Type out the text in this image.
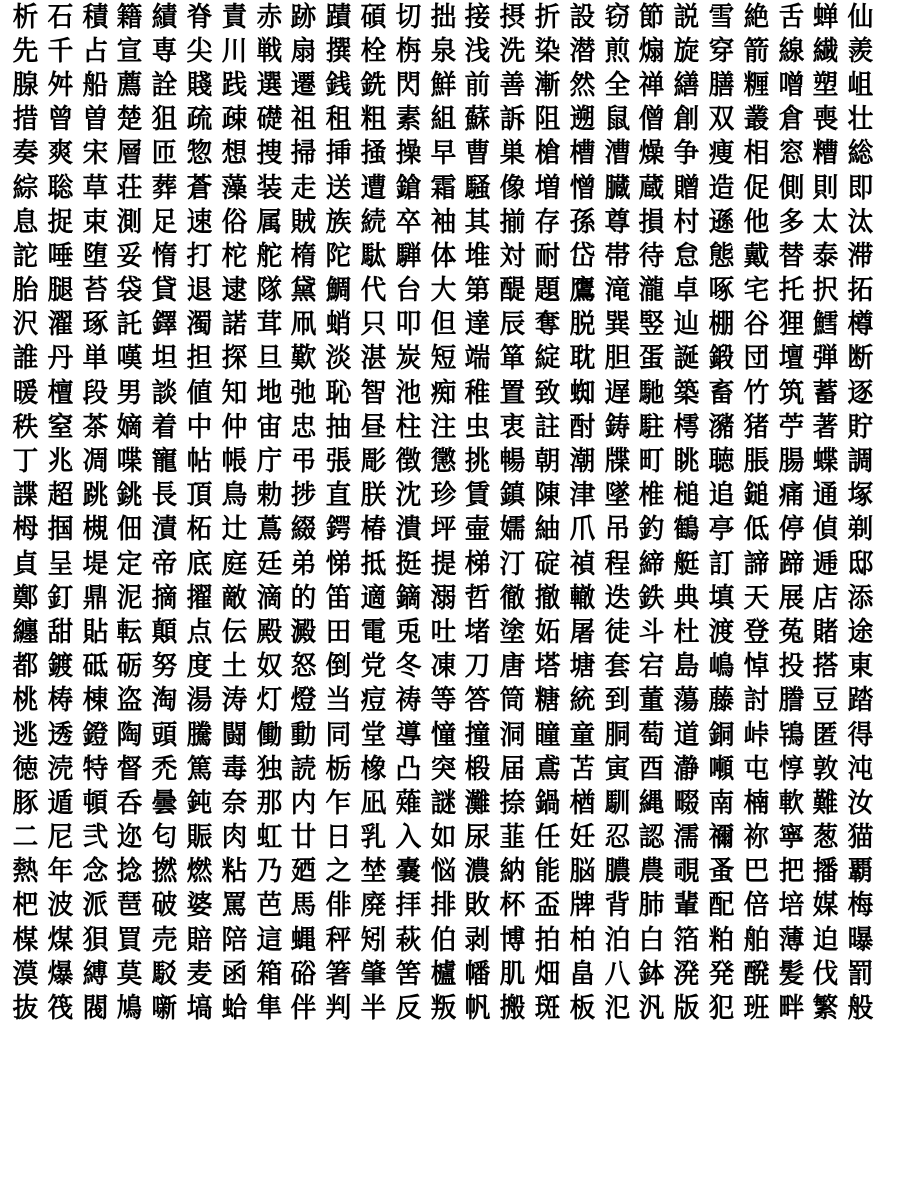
析 石 積 籍 績 脊 責 赤 跡 蹟 碩 切 拙 接 摂 折 設 窃 節 説 雪 絶 舌 蝉 仙
先 千 占 宣 専 尖 川 戦 扇 撰 栓 栴 泉 浅 洗 染 潜 煎 煽 旋 穿 箭 線 繊 羨
腺 舛 船 薦 詮 賤 践 選 遷 銭 銑 閃 鮮 前 善 漸 然 全 禅 繕 膳 糎 噌 塑 岨
措 曾 曽 楚 狙 疏 疎 礎 祖 租 粗 素 組 蘇 訴 阻 遡 鼠 僧 創 双 叢 倉 喪 壮
奏 爽 宋 層 匝 惣 想 捜 掃 挿 掻 操 早 曹 巣 槍 槽 漕 燥 争 痩 相 窓 糟 総
綜 聡 草 荘 葬 蒼 藻 装 走 送 遭 鎗 霜 騒 像 増 憎 臓 蔵 贈 造 促 側 則 即
息 捉 束 測 足 速 俗 属 賊 族 続 卒 袖 其 揃 存 孫 尊 損 村 遜 他 多 太 汰
詑 唾 堕 妥 惰 打 柁 舵 楕 陀 駄 騨 体 堆 対 耐 岱 帯 待 怠 態 戴 替 泰 滞
胎 腿 苔 袋 貸 退 逮 隊 黛 鯛 代 台 大 第 醍 題 鷹 滝 瀧 卓 啄 宅 托 択 拓
沢 濯 琢 託 鐸 濁 諾 茸 凧 蛸 只 叩 但 達 辰 奪 脱 巽 竪 辿 棚 谷 狸 鱈 樽
誰 丹 単 嘆 坦 担 探 旦 歎 淡 湛 炭 短 端 箪 綻 耽 胆 蛋 誕 鍛 団 壇 弾 断
暖 檀 段 男 談 値 知 地 弛 恥 智 池 痴 稚 置 致 蜘 遅 馳 築 畜 竹 筑 蓄 逐
秩 窒 茶 嫡 着 中 仲 宙 忠 抽 昼 柱 注 虫 衷 註 酎 鋳 駐 樗 瀦 猪 苧 著 貯
丁 兆 凋 喋 寵 帖 帳 庁 弔 張 彫 徴 懲 挑 暢 朝 潮 牒 町 眺 聴 脹 腸 蝶 調
諜 超 跳 銚 長 頂 鳥 勅 捗 直 朕 沈 珍 賃 鎮 陳 津 墜 椎 槌 追 鎚 痛 通 塚
栂 掴 槻 佃 漬 柘 辻 蔦 綴 鍔 椿 潰 坪 壷 嬬 紬 爪 吊 釣 鶴 亭 低 停 偵 剃
貞 呈 堤 定 帝 底 庭 廷 弟 悌 抵 挺 提 梯 汀 碇 禎 程 締 艇 訂 諦 蹄 逓 邸
鄭 釘 鼎 泥 摘 擢 敵 滴 的 笛 適 鏑 溺 哲 徹 撤 轍 迭 鉄 典 填 天 展 店 添
纏 甜 貼 転 顛 点 伝 殿 澱 田 電 兎 吐 堵 塗 妬 屠 徒 斗 杜 渡 登 菟 賭 途
都 鍍 砥 砺 努 度 土 奴 怒 倒 党 冬 凍 刀 唐 塔 塘 套 宕 島 嶋 悼 投 搭 東
桃 梼 棟 盗 淘 湯 涛 灯 燈 当 痘 祷 等 答 筒 糖 統 到 董 蕩 藤 討 謄 豆 踏
逃 透 鐙 陶 頭 騰 闘 働 動 同 堂 導 憧 撞 洞 瞳 童 胴 萄 道 銅 峠 鴇 匿 得
徳 涜 特 督 禿 篤 毒 独 読 栃 橡 凸 突 椴 届 鳶 苫 寅 酉 瀞 噸 屯 惇 敦 沌
豚 遁 頓 呑 曇 鈍 奈 那 内 乍 凪 薙 謎 灘 捺 鍋 楢 馴 縄 畷 南 楠 軟 難 汝
二 尼 弐 迩 匂 賑 肉 虹 廿 日 乳 入 如 尿 韮 任 妊 忍 認 濡 禰 祢 寧 葱 猫
熱 年 念 捻 撚 燃 粘 乃 廼 之 埜 嚢 悩 濃 納 能 脳 膿 農 覗 蚤 巴 把 播 覇
杷 波 派 琶 破 婆 罵 芭 馬 俳 廃 拝 排 敗 杯 盃 牌 背 肺 輩 配 倍 培 媒 梅
楳 煤 狽 買 売 賠 陪 這 蝿 秤 矧 萩 伯 剥 博 拍 柏 泊 白 箔 粕 舶 薄 迫 曝
漠 爆 縛 莫 駁 麦 函 箱 硲 箸 肇 筈 櫨 幡 肌 畑 畠 八 鉢 溌 発 醗 髪 伐 罰
抜 筏 閥 鳩 噺 塙 蛤 隼 伴 判 半 反 叛 帆 搬 斑 板 氾 汎 版 犯 班 畔 繁 般
